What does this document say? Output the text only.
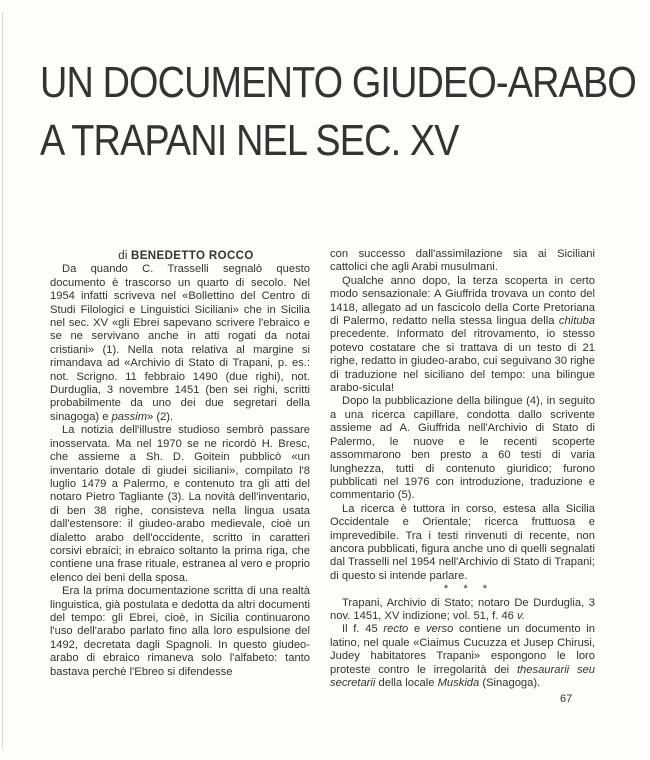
UN DOCUMENTO GIUDEO-ARABO
A TRAPANI NEL SEC. XV

di BENEDETTO ROCCO

Da quando C. Trasselli segnalò questo documento è trascorso un quarto di secolo. Nel 1954 infatti scriveva nel «Bollettino del Centro di Studi Filologici e Linguistici Siciliani» che in Sicilia nel sec. XV «gli Ebrei sapevano scrivere l'ebraico e se ne servivano anche in atti rogati da notai cristiani» (1). Nella nota relativa al margine si rimandava ad «Archivio di Stato di Trapani, p. es.: not. Scrigno. 11 febbraio 1490 (due righi), not. Durduglia, 3 novembre 1451 (ben sei righi, scritti probabilmente da uno dei due segretari della sinagoga) e passim» (2).

La notizia dell'illustre studioso sembrò passare inosservata. Ma nel 1970 se ne ricordò H. Bresc, che assieme a Sh. D. Goitein pubblicò «un inventario dotale di giudei siciliani», compilato l'8 luglio 1479 a Palermo, e contenuto tra gli atti del notaro Pietro Tagliante (3). La novità dell'inventario, di ben 38 righe, consisteva nella lingua usata dall'estensore: il giudeo-arabo medievale, cioè un dialetto arabo dell'occidente, scritto in caratteri corsivi ebraici; in ebraico soltanto la prima riga, che contiene una frase rituale, estranea al vero e proprio elenco dei beni della sposa.

Era la prima documentazione scritta di una realtà linguistica, già postulata e dedotta da altri documenti del tempo: gli Ebrei, cioè, in Sicilia continuarono l'uso dell'arabo parlato fino alla loro espulsione del 1492, decretata dagli Spagnoli. In questo giudeo-arabo di ebraico rimaneva solo l'alfabeto: tanto bastava perchè l'Ebreo si difendesse

con successo dall'assimilazione sia ai Siciliani cattolici che agli Arabi musulmani.

Qualche anno dopo, la terza scoperta in certo modo sensazionale: A Giuffrida trovava un conto del 1418, allegato ad un fascicolo della Corte Pretoriana di Palermo, redatto nella stessa lingua della chituba precedente. Informato del ritrovamento, io stesso potevo costatare che si trattava di un testo di 21 righe, redatto in giudeo-arabo, cui seguivano 30 righe di traduzione nel siciliano del tempo: una bilingue arabo-sicula!

Dopo la pubblicazione della bilingue (4), in seguito a una ricerca capillare, condotta dallo scrivente assieme ad A. Giuffrida nell'Archivio di Stato di Palermo, le nuove e le recenti scoperte assommarono ben presto a 60 testi di varia lunghezza, tutti di contenuto giuridico; furono pubblicati nel 1976 con introduzione, traduzione e commentario (5).

La ricerca è tuttora in corso, estesa alla Sicilia Occidentale e Orientale; ricerca fruttuosa e imprevedibile. Tra i testi rinvenuti di recente, non ancora pubblicati, figura anche uno di quelli segnalati dal Trasselli nel 1954 nell'Archivio di Stato di Trapani; di questo si intende parlare.

* * *

Trapani, Archivio di Stato; notaro De Durduglia, 3 nov. 1451, XV indizione; vol. 51, f. 46 v.

Il f. 45 recto e verso contiene un documento in latino, nel quale «Ciaimus Cucuzza et Jusep Chirusi, Judey habitatores Trapani» espongono le loro proteste contro le irregolarità dei thesaurarii seu secretarii della locale Muskida (Sinagoga).

67
